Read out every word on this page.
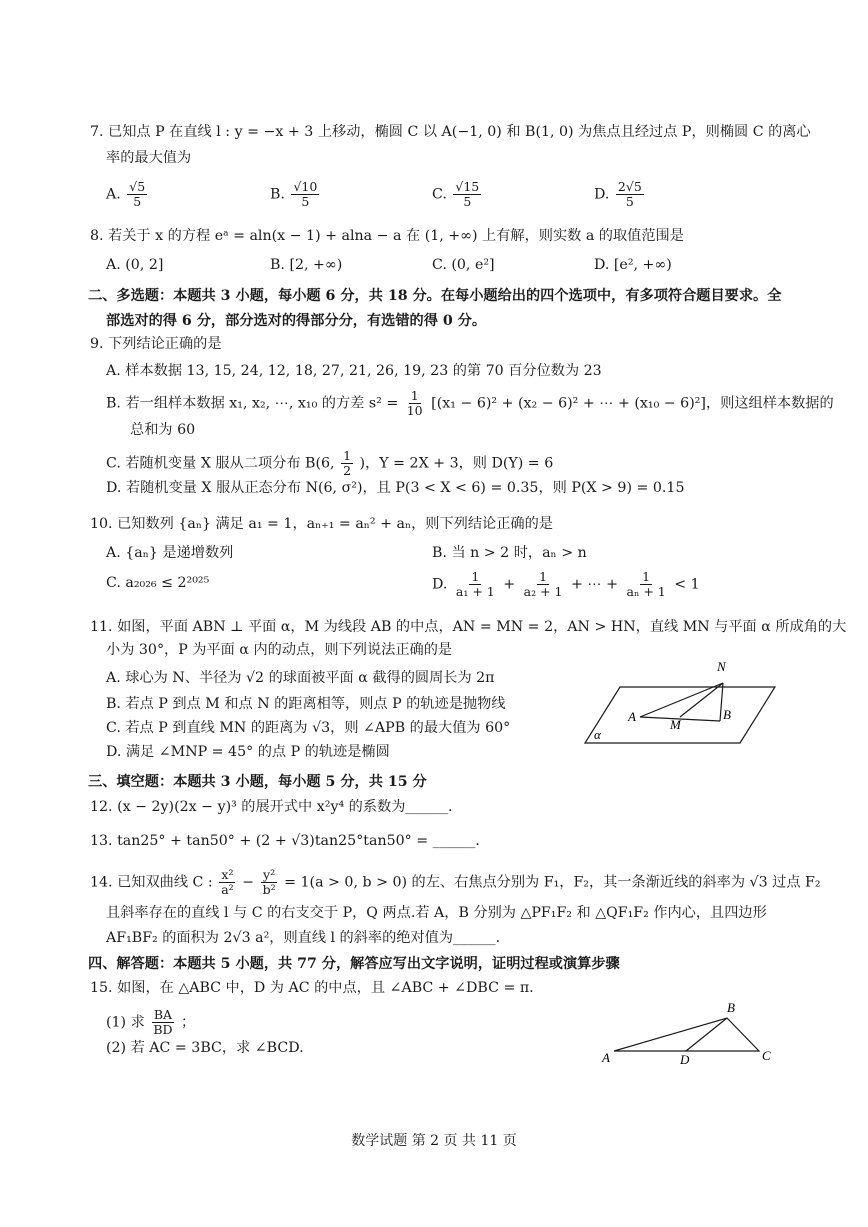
7. 已知点 P 在直线 l : y = −x + 3 上移动，椭圆 C 以 A(−1, 0) 和 B(1, 0) 为焦点且经过点 P，则椭圆 C 的离心
率的最大值为
A. $\frac{√5}{5}$	B. $\frac{√10}{5}$	C. $\frac{√15}{5}$	D. $\frac{2√5}{5}$
8. 若关于 x 的方程 eᵃ = aln(x − 1) + alna − a 在 (1, +∞) 上有解，则实数 a 的取值范围是
A. (0, 2]	B. [2, +∞)	C. (0, e²]	D. [e², +∞)
二、多选题：本题共 3 小题，每小题 6 分，共 18 分。在每小题给出的四个选项中，有多项符合题目要求。全
部选对的得 6 分，部分选对的得部分分，有选错的得 0 分。
9. 下列结论正确的是
A. 样本数据 13, 15, 24, 12, 18, 27, 21, 26, 19, 23 的第 70 百分位数为 23
B. 若一组样本数据 x₁, x₂, ⋯, x₁₀ 的方差 $s^2 = \frac{1}{10} [(x_1 - 6)^2 + (x_2 - 6)^2$ + ⋯ + (x₁₀ − 6)²]，则这组样本数据的
总和为 60
C. 若随机变量 X 服从二项分布 B(6, $\frac{1}{2}$ )，Y = 2X + 3，则 D(Y) = 6
D. 若随机变量 X 服从正态分布 N(6, σ²)，且 P(3 < X < 6) = 0.35，则 P(X > 9) = 0.15
10. 已知数列 {aₙ} 满足 a₁ = 1，aₙ₊₁ = aₙ² + aₙ，则下列结论正确的是
A. {aₙ} 是递增数列	B. 当 n > 2 时，aₙ > n
C. a₂₀₂₆ ≤ 2²⁰²⁵	D. $\frac{1}{\text{a₁ + 1}} + \frac{1}{\text{a₂ + 1}}$ + ⋯ + $\frac{1}{\text{aₙ + 1}} < 1$
11. 如图，平面 ABN ⊥ 平面 α，M 为线段 AB 的中点，AN = MN = 2，AN > HN，直线 MN 与平面 α 所成角的大
小为 30°，P 为平面 α 内的动点，则下列说法正确的是
A. 球心为 N、半径为 √2 的球面被平面 α 截得的圆周长为 2π
B. 若点 P 到点 M 和点 N 的距离相等，则点 P 的轨迹是抛物线
C. 若点 P 到直线 MN 的距离为 √3，则 ∠APB 的最大值为 60°
D. 满足 ∠MNP = 45° 的点 P 的轨迹是椭圆
N
A
M
B
α
三、填空题：本题共 3 小题，每小题 5 分，共 15 分
12. (x − 2y)(2x − y)³ 的展开式中 x²y⁴ 的系数为______.
13. tan25° + tan50° + (2 + √3)tan25°tan50° = ______.
14. 已知双曲线 C : $\frac{\text{x²}}{\text{a²}} - \frac{\text{y²}}{\text{b²}} = 1(a > 0$, b > 0) 的左、右焦点分别为 F₁，F₂，其一条渐近线的斜率为 √3 过点 F₂
且斜率存在的直线 l 与 C 的右支交于 P，Q 两点.若 A，B 分别为 △PF₁F₂ 和 △QF₁F₂ 作内心，且四边形
AF₁BF₂ 的面积为 2√3 a²，则直线 l 的斜率的绝对值为______.
四、解答题：本题共 5 小题，共 77 分，解答应写出文字说明，证明过程或演算步骤
15. 如图，在 △ABC 中，D 为 AC 的中点，且 ∠ABC + ∠DBC = π.
(1) 求 $\frac{BA}{BD}$ ；
(2) 若 AC = 3BC，求 ∠BCD.
A
B
C
D
数学试题 第 2 页 共 11 页
